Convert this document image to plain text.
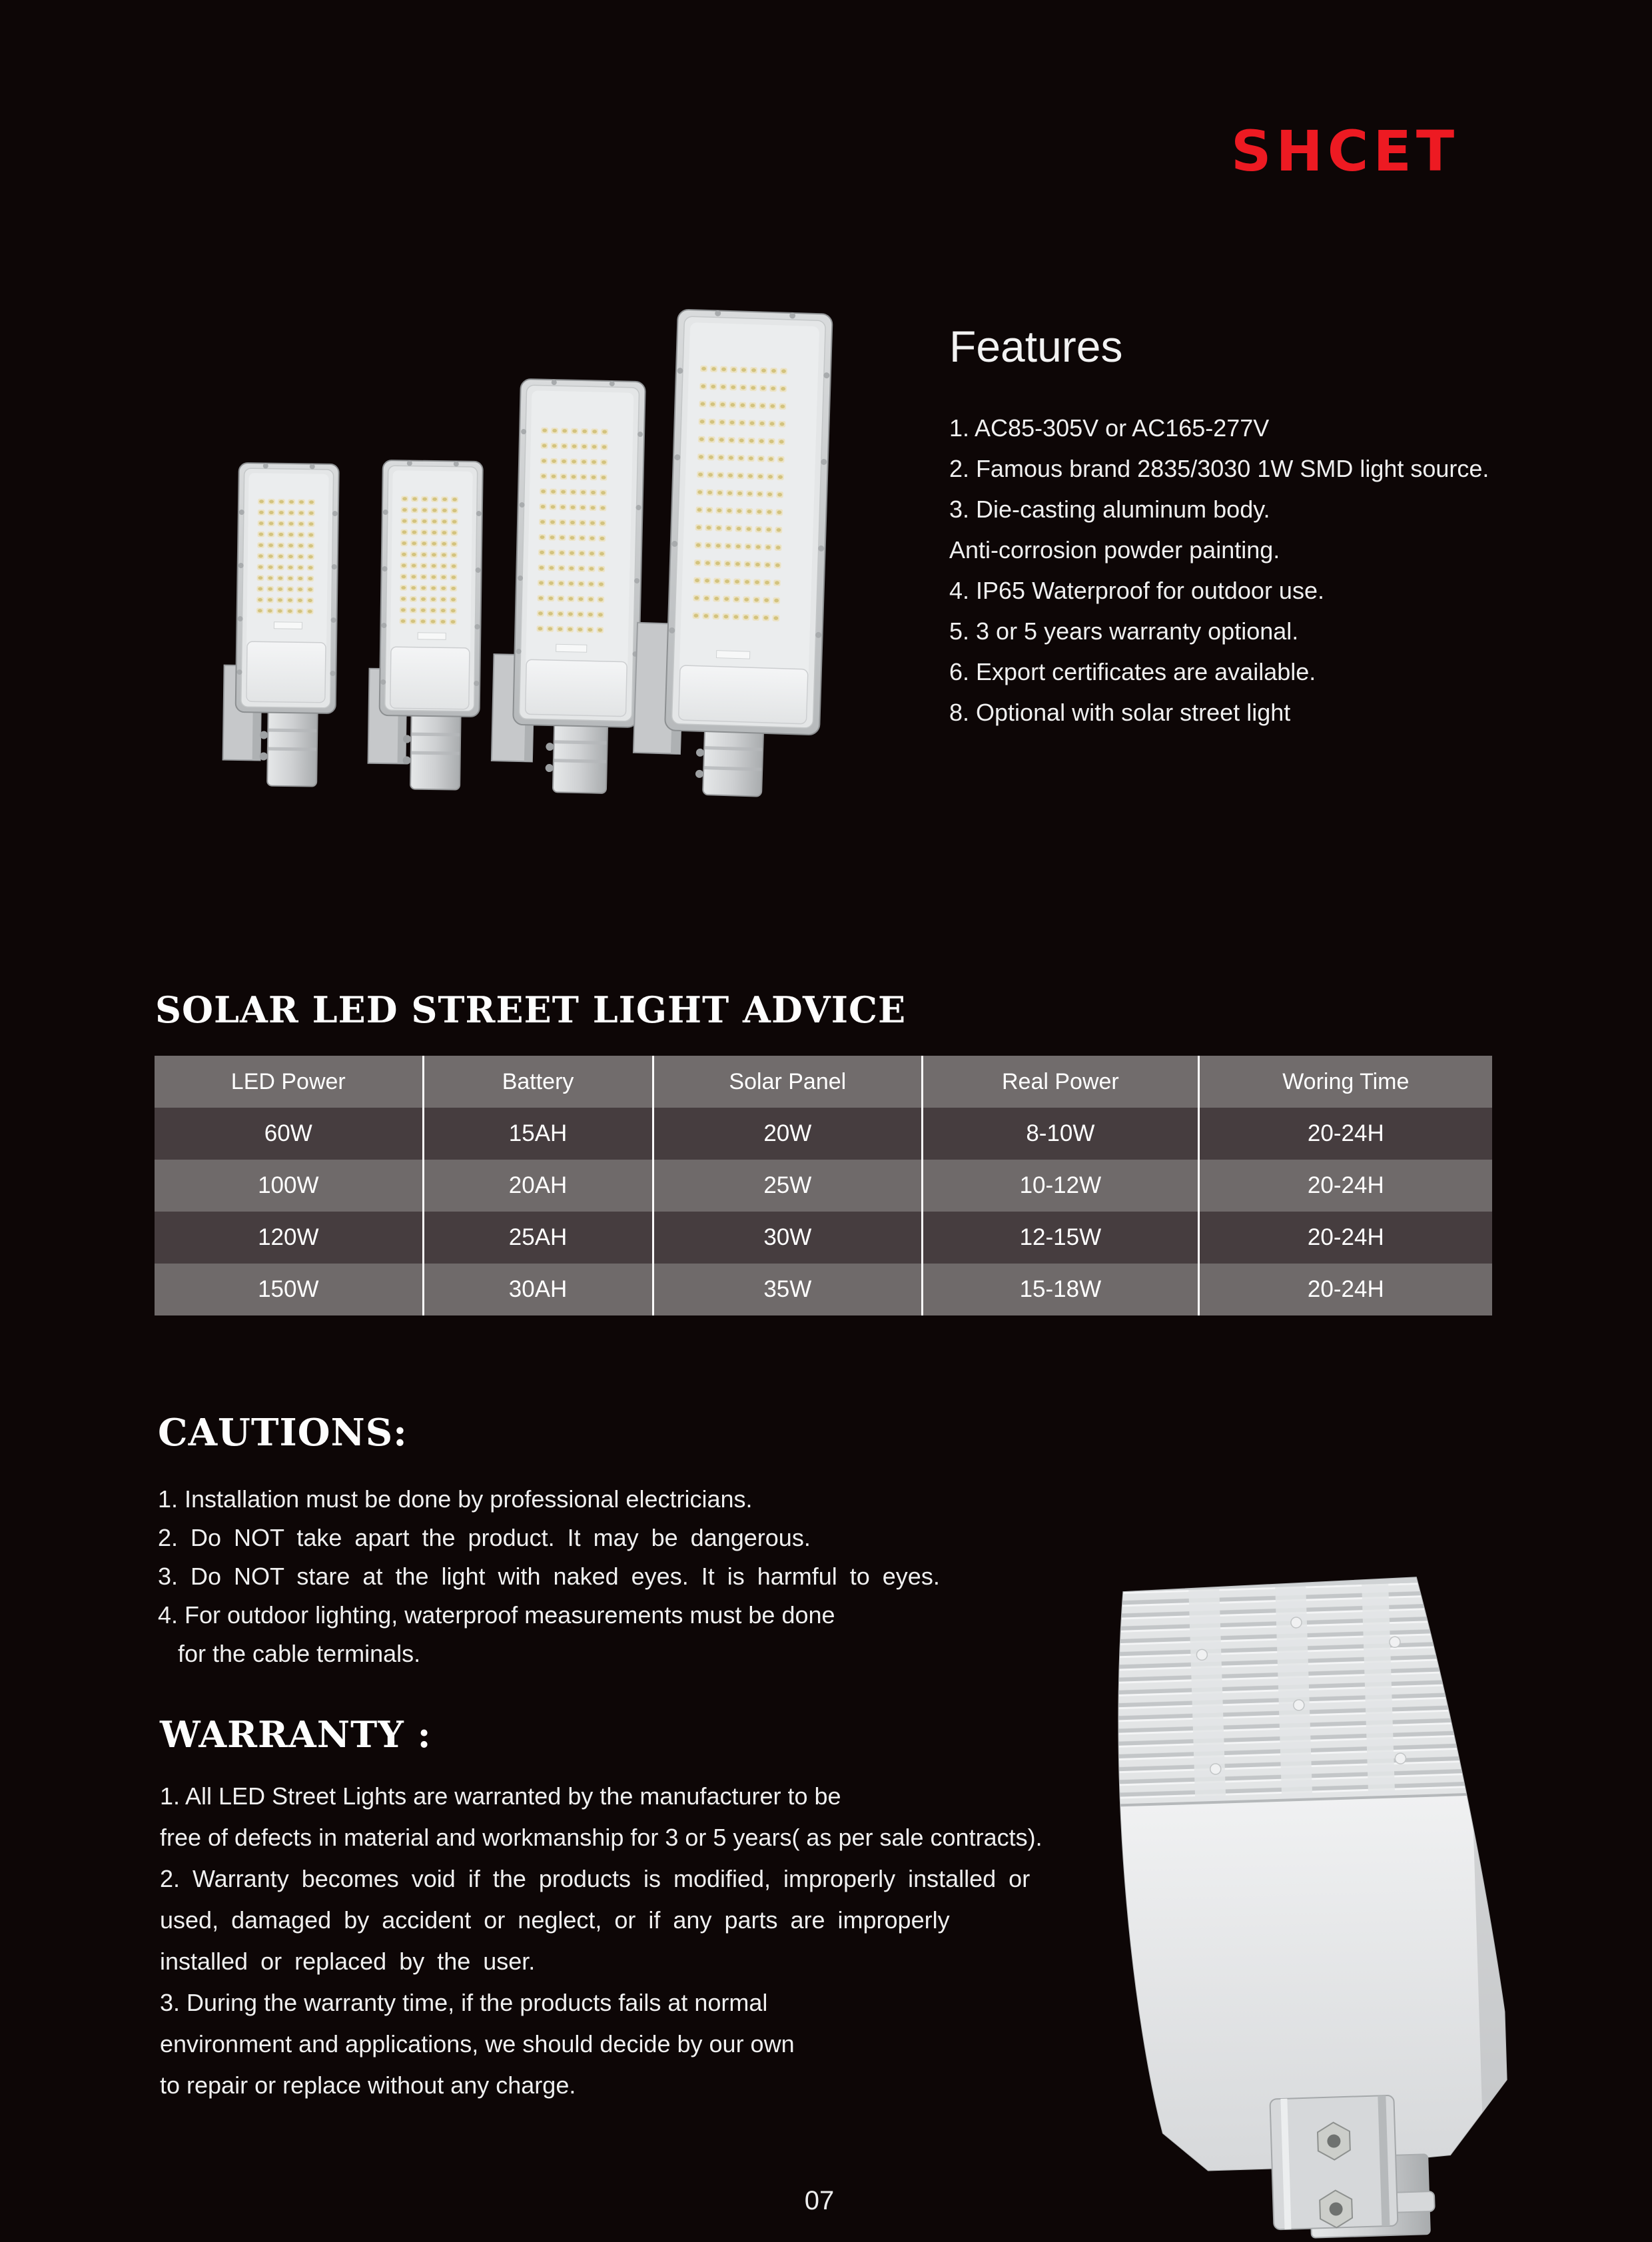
SHCET
Features
1. AC85-305V or AC165-277V
2. Famous brand 2835/3030 1W SMD light source.
3. Die-casting aluminum body.
Anti-corrosion powder painting.
4. IP65 Waterproof for outdoor use.
5. 3 or 5 years warranty optional.
6. Export certificates are available.
8. Optional with solar street light
SOLAR LED STREET LIGHT ADVICE
LED Power	Battery	Solar Panel	Real Power	Woring Time
60W	15AH	20W	8-10W	20-24H
100W	20AH	25W	10-12W	20-24H
120W	25AH	30W	12-15W	20-24H
150W	30AH	35W	15-18W	20-24H
CAUTIONS:
1. Installation must be done by professional electricians.
2. Do NOT take apart the product. It may be dangerous.
3. Do NOT stare at the light with naked eyes. It is harmful to eyes.
4. For outdoor lighting, waterproof measurements must be done
for the cable terminals.
WARRANTY :
1. All LED Street Lights are warranted by the manufacturer to be
free of defects in material and workmanship for 3 or 5 years( as per sale contracts).
2. Warranty becomes void if the products is modified, improperly installed or
used, damaged by accident or neglect, or if any parts are improperly
installed or replaced by the user.
3. During the warranty time, if the products fails at normal
environment and applications, we should decide by our own
to repair or replace without any charge.
07
